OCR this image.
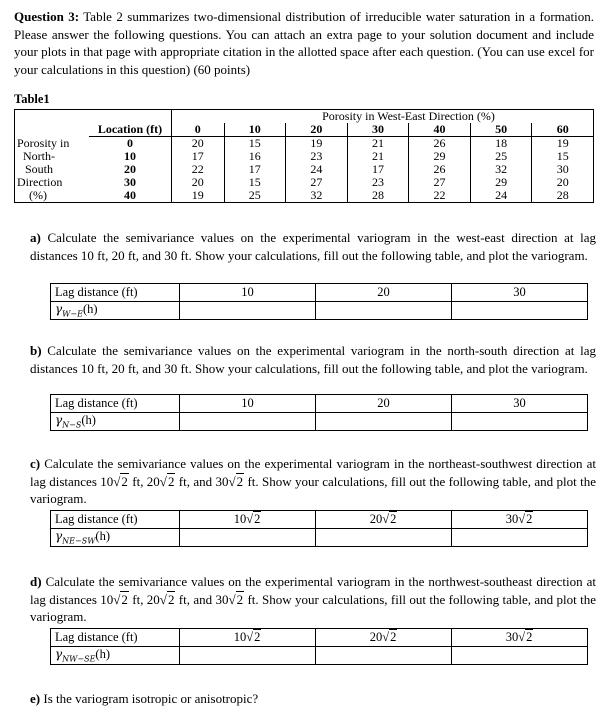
Question 3: Table 2 summarizes two-dimensional distribution of irreducible water saturation in a formation. Please answer the following questions. You can attach an extra page to your solution document and include your plots in that page with appropriate citation in the allotted space after each question. (You can use excel for your calculations in this question) (60 points)
Table1
			Porosity in West-East Direction (%)					
	Location (ft)	0	10	20	30	40	50	60
Porosity in	0	20	15	19	21	26	18	19
North-	10	17	16	23	21	29	25	15
South	20	22	17	24	17	26	32	30
Direction	30	20	15	27	23	27	29	20
(%)	40	19	25	32	28	22	24	28
a) Calculate the semivariance values on the experimental variogram in the west-east direction at lag distances 10 ft, 20 ft, and 30 ft. Show your calculations, fill out the following table, and plot the variogram.
Lag distance (ft)	10	20	30
$\gamma_{W-E}(h)$			
b) Calculate the semivariance values on the experimental variogram in the north-south direction at lag distances 10 ft, 20 ft, and 30 ft. Show your calculations, fill out the following table, and plot the variogram.
Lag distance (ft)	10	20	30
$\gamma_{N-S}(h)$			
c) Calculate the semivariance values on the experimental variogram in the northeast-southwest direction at lag distances 10√2 ft, 20√2 ft, and 30√2 ft. Show your calculations, fill out the following table, and plot the variogram.
Lag distance (ft)	10√2	20√2	30√2
$\gamma_{NE-SW}(h)$			
d) Calculate the semivariance values on the experimental variogram in the northwest-southeast direction at lag distances 10√2 ft, 20√2 ft, and 30√2 ft. Show your calculations, fill out the following table, and plot the variogram.
Lag distance (ft)	10√2	20√2	30√2
$\gamma_{NW-SE}(h)$			
e) Is the variogram isotropic or anisotropic?
